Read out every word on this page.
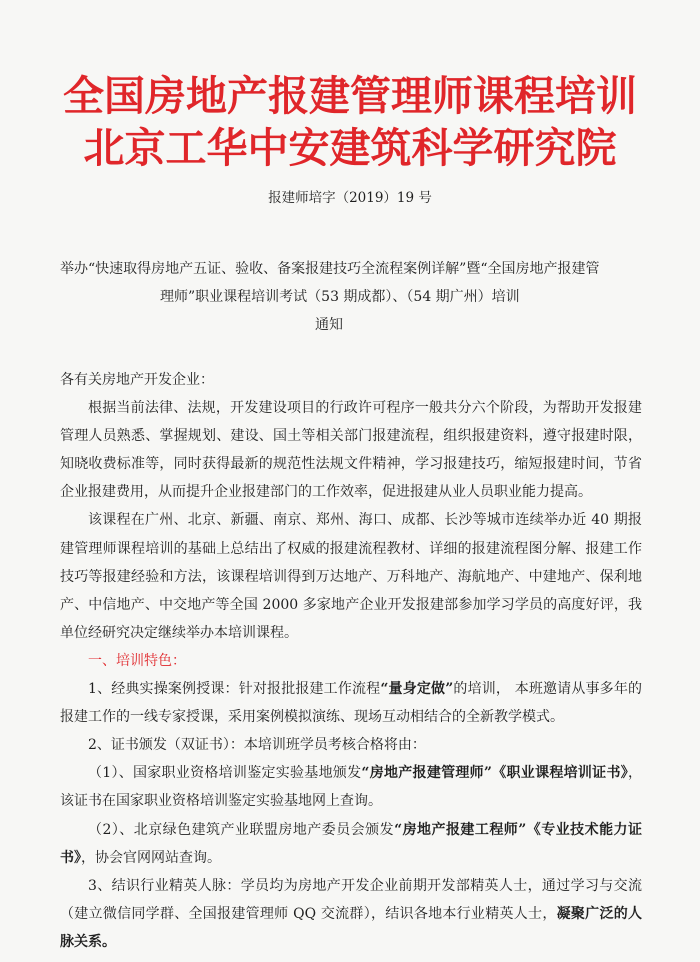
全国房地产报建管理师课程培训
北京工华中安建筑科学研究院
报建师培字（2019）19 号
举办“快速取得房地产五证、验收、备案报建技巧全流程案例详解”暨“全国房地产报建管
理师”职业课程培训考试（53 期成都）、（54 期广州）培训
通知

各有关房地产开发企业：

根据当前法律、法规，开发建设项目的行政许可程序一般共分六个阶段，为帮助开发报建管理人员熟悉、掌握规划、建设、国土等相关部门报建流程，组织报建资料，遵守报建时限，知晓收费标准等，同时获得最新的规范性法规文件精神，学习报建技巧，缩短报建时间，节省企业报建费用，从而提升企业报建部门的工作效率，促进报建从业人员职业能力提高。

该课程在广州、北京、新疆、南京、郑州、海口、成都、长沙等城市连续举办近 40 期报建管理师课程培训的基础上总结出了权威的报建流程教材、详细的报建流程图分解、报建工作技巧等报建经验和方法，该课程培训得到万达地产、万科地产、海航地产、中建地产、保利地产、中信地产、中交地产等全国 2000 多家地产企业开发报建部参加学习学员的高度好评，我单位经研究决定继续举办本培训课程。

一、培训特色：

1、经典实操案例授课：针对报批报建工作流程“量身定做”的培训， 本班邀请从事多年的报建工作的一线专家授课，采用案例模拟演练、现场互动相结合的全新教学模式。

2、证书颁发（双证书）：本培训班学员考核合格将由：

（1）、国家职业资格培训鉴定实验基地颁发“房地产报建管理师”《职业课程培训证书》，该证书在国家职业资格培训鉴定实验基地网上查询。

（2）、北京绿色建筑产业联盟房地产委员会颁发“房地产报建工程师”《专业技术能力证书》，协会官网网站查询。

3、结识行业精英人脉：学员均为房地产开发企业前期开发部精英人士，通过学习与交流（建立微信同学群、全国报建管理师 QQ 交流群），结识各地本行业精英人士，凝聚广泛的人脉关系。
